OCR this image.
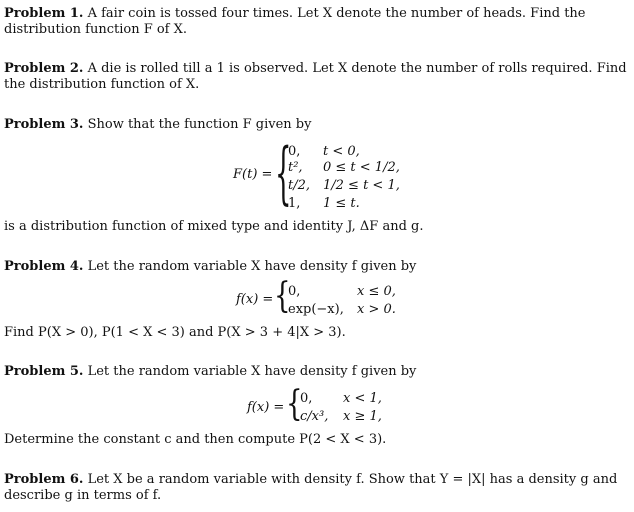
Problem 1. A fair coin is tossed four times. Let X denote the number of heads. Find the distribution function F of X.
Problem 2. A die is rolled till a 1 is observed. Let X denote the number of rolls required. Find the distribution function of X.
Problem 3. Show that the function F given by
F(t) = {
0, t < 0,
t², 0 ≤ t < 1/2,
t/2, 1/2 ≤ t < 1,
1, 1 ≤ t.
is a distribution function of mixed type and identity J, ΔF and g.
Problem 4. Let the random variable X have density f given by
f(x) = {
0,	x ≤ 0,
exp(−x), x > 0.
Find P(X > 0), P(1 < X < 3) and P(X > 3 + 4|X > 3).
Problem 5. Let the random variable X have density f given by
f(x) = {
0, x < 1,
c/x³, x ≥ 1,
Determine the constant c and then compute P(2 < X < 3).
Problem 6. Let X be a random variable with density f. Show that Y = |X| has a density g and describe g in terms of f.
